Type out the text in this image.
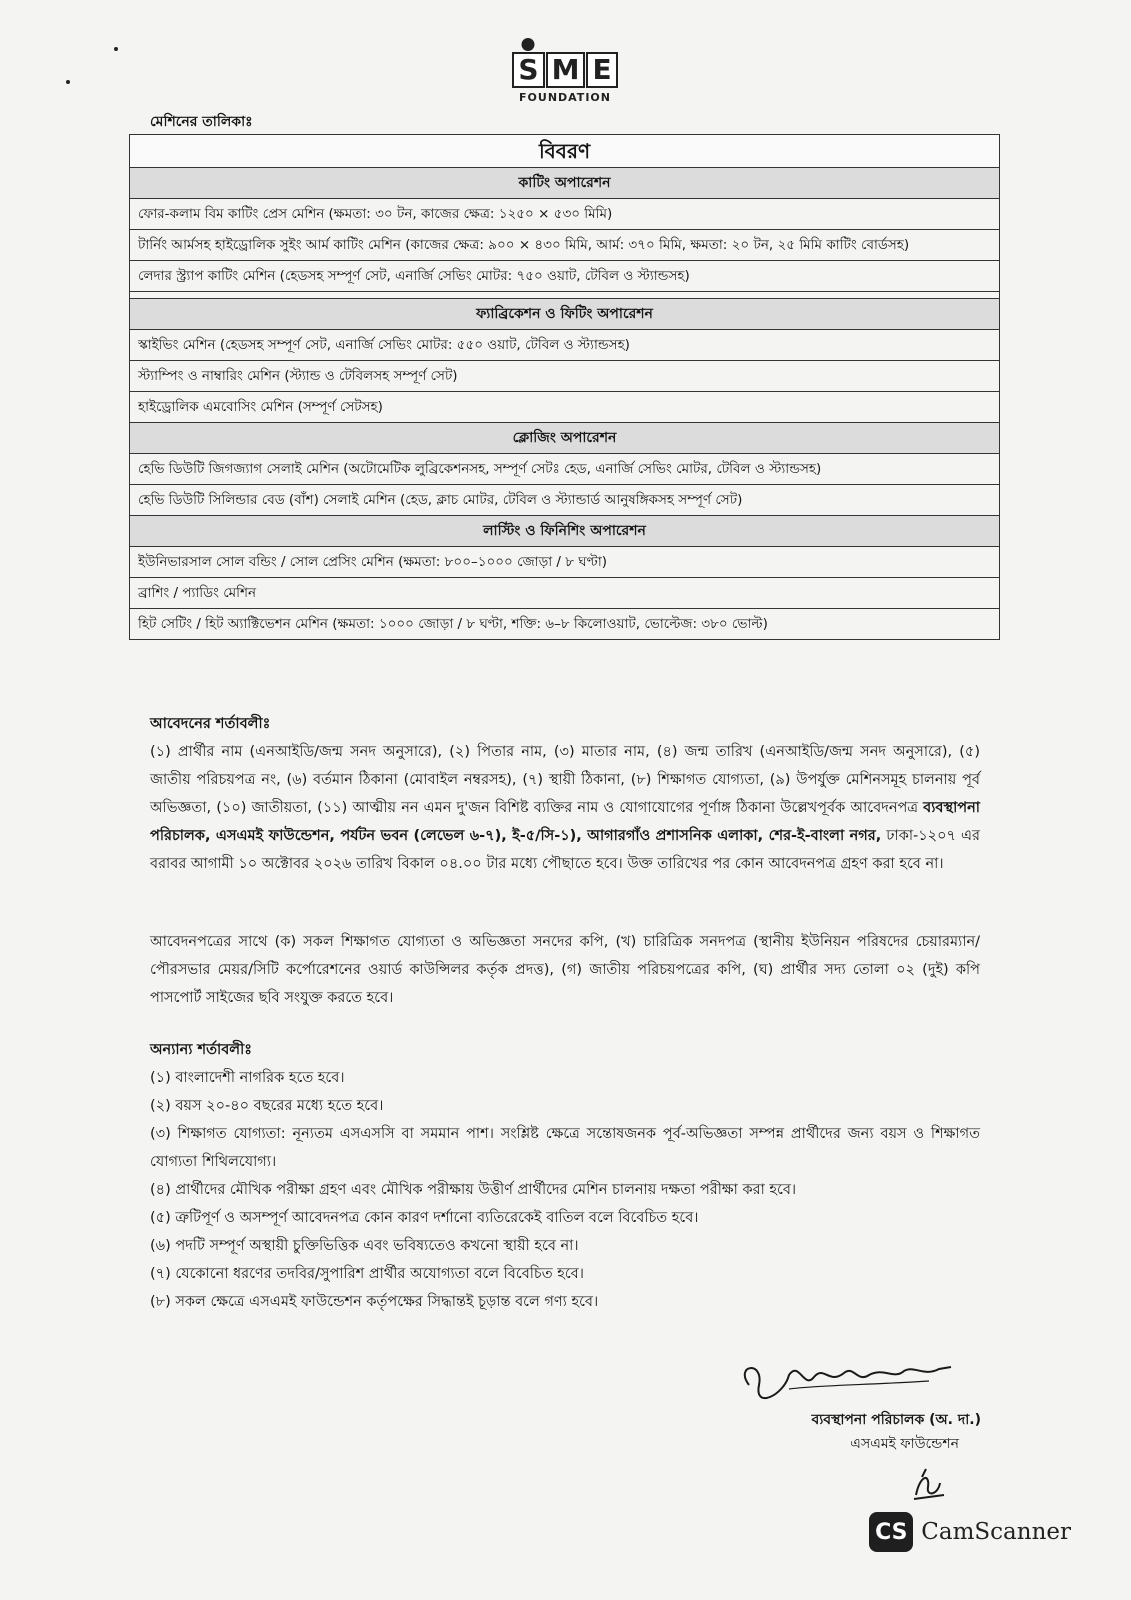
S M E
FOUNDATION
মেশিনের তালিকাঃ
বিবরণ
কাটিং অপারেশন
ফোর-কলাম বিম কাটিং প্রেস মেশিন (ক্ষমতা: ৩০ টন, কাজের ক্ষেত্র: ১২৫০ × ৫৩০ মিমি)
টার্নিং আর্মসহ হাইড্রোলিক সুইং আর্ম কাটিং মেশিন (কাজের ক্ষেত্র: ৯০০ × ৪৩০ মিমি, আর্ম: ৩৭০ মিমি, ক্ষমতা: ২০ টন, ২৫ মিমি কাটিং বোর্ডসহ)
লেদার স্ট্র্যাপ কাটিং মেশিন (হেডসহ সম্পূর্ণ সেট, এনার্জি সেভিং মোটর: ৭৫০ ওয়াট, টেবিল ও স্ট্যান্ডসহ)

ফ্যাব্রিকেশন ও ফিটিং অপারেশন
স্কাইভিং মেশিন (হেডসহ সম্পূর্ণ সেট, এনার্জি সেভিং মোটর: ৫৫০ ওয়াট, টেবিল ও স্ট্যান্ডসহ)
স্ট্যাম্পিং ও নাম্বারিং মেশিন (স্ট্যান্ড ও টেবিলসহ সম্পূর্ণ সেট)
হাইড্রোলিক এমবোসিং মেশিন (সম্পূর্ণ সেটসহ)
ক্লোজিং অপারেশন
হেভি ডিউটি জিগজ্যাগ সেলাই মেশিন (অটোমেটিক লুব্রিকেশনসহ, সম্পূর্ণ সেটঃ হেড, এনার্জি সেভিং মোটর, টেবিল ও স্ট্যান্ডসহ)
হেভি ডিউটি সিলিন্ডার বেড (বাঁশ) সেলাই মেশিন (হেড, ক্লাচ মোটর, টেবিল ও স্ট্যান্ডার্ড আনুষঙ্গিকসহ সম্পূর্ণ সেট)
লাস্টিং ও ফিনিশিং অপারেশন
ইউনিভারসাল সোল বন্ডিং / সোল প্রেসিং মেশিন (ক্ষমতা: ৮০০–১০০০ জোড়া / ৮ ঘণ্টা)
ব্রাশিং / প্যাডিং মেশিন
হিট সেটিং / হিট অ্যাক্টিভেশন মেশিন (ক্ষমতা: ১০০০ জোড়া / ৮ ঘণ্টা, শক্তি: ৬–৮ কিলোওয়াট, ভোল্টেজ: ৩৮০ ভোল্ট)
আবেদনের শর্তাবলীঃ
(১) প্রার্থীর নাম (এনআইডি/জন্ম সনদ অনুসারে), (২) পিতার নাম, (৩) মাতার নাম, (৪) জন্ম তারিখ (এনআইডি/জন্ম সনদ অনুসারে), (৫) জাতীয় পরিচয়পত্র নং, (৬) বর্তমান ঠিকানা (মোবাইল নম্বরসহ), (৭) স্থায়ী ঠিকানা, (৮) শিক্ষাগত যোগ্যতা, (৯) উপর্যুক্ত মেশিনসমূহ চালনায় পূর্ব অভিজ্ঞতা, (১০) জাতীয়তা, (১১) আত্মীয় নন এমন দু'জন বিশিষ্ট ব্যক্তির নাম ও যোগাযোগের পূর্ণাঙ্গ ঠিকানা উল্লেখপূর্বক আবেদনপত্র ব্যবস্থাপনা পরিচালক, এসএমই ফাউন্ডেশন, পর্যটন ভবন (লেভেল ৬-৭), ই-৫/সি-১), আগারগাঁও প্রশাসনিক এলাকা, শের-ই-বাংলা নগর, ঢাকা-১২০৭ এর বরাবর আগামী ১০ অক্টোবর ২০২৬ তারিখ বিকাল ০৪.০০ টার মধ্যে পৌছাতে হবে। উক্ত তারিখের পর কোন আবেদনপত্র গ্রহণ করা হবে না।
আবেদনপত্রের সাথে (ক) সকল শিক্ষাগত যোগ্যতা ও অভিজ্ঞতা সনদের কপি, (খ) চারিত্রিক সনদপত্র (স্থানীয় ইউনিয়ন পরিষদের চেয়ারম্যান/পৌরসভার মেয়র/সিটি কর্পোরেশনের ওয়ার্ড কাউন্সিলর কর্তৃক প্রদত্ত), (গ) জাতীয় পরিচয়পত্রের কপি, (ঘ) প্রার্থীর সদ্য তোলা ০২ (দুই) কপি পাসপোর্ট সাইজের ছবি সংযুক্ত করতে হবে।
অন্যান্য শর্তাবলীঃ
(১) বাংলাদেশী নাগরিক হতে হবে।
(২) বয়স ২০-৪০ বছরের মধ্যে হতে হবে।
(৩) শিক্ষাগত যোগ্যতা: নূন্যতম এসএসসি বা সমমান পাশ। সংশ্লিষ্ট ক্ষেত্রে সন্তোষজনক পূর্ব-অভিজ্ঞতা সম্পন্ন প্রার্থীদের জন্য বয়স ও শিক্ষাগত যোগ্যতা শিথিলযোগ্য।
(৪) প্রার্থীদের মৌখিক পরীক্ষা গ্রহণ এবং মৌখিক পরীক্ষায় উত্তীর্ণ প্রার্থীদের মেশিন চালনায় দক্ষতা পরীক্ষা করা হবে।
(৫) ত্রুটিপূর্ণ ও অসম্পূর্ণ আবেদনপত্র কোন কারণ দর্শানো ব্যতিরেকেই বাতিল বলে বিবেচিত হবে।
(৬) পদটি সম্পূর্ণ অস্থায়ী চুক্তিভিত্তিক এবং ভবিষ্যতেও কখনো স্থায়ী হবে না।
(৭) যেকোনো ধরণের তদবির/সুপারিশ প্রার্থীর অযোগ্যতা বলে বিবেচিত হবে।
(৮) সকল ক্ষেত্রে এসএমই ফাউন্ডেশন কর্তৃপক্ষের সিদ্ধান্তই চূড়ান্ত বলে গণ্য হবে।
ব্যবস্থাপনা পরিচালক (অ. দা.)
এসএমই ফাউন্ডেশন
CS CamScanner
